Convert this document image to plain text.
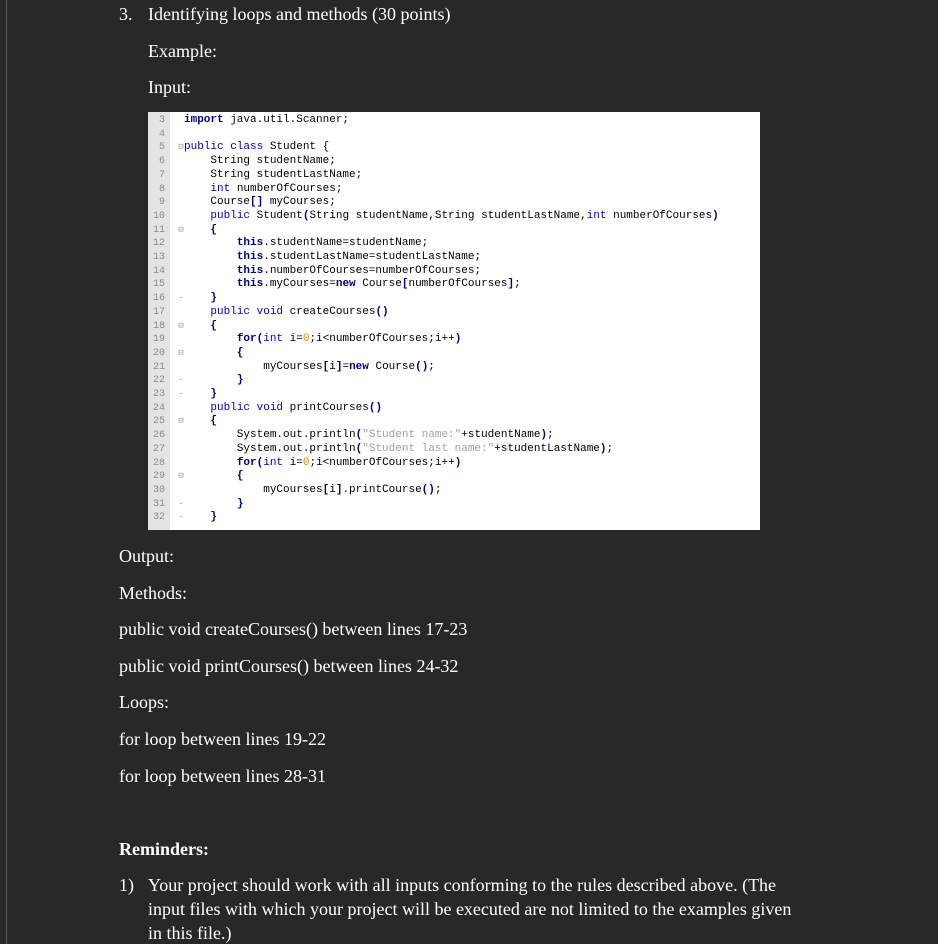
3. Identifying loops and methods (30 points)
Example:
Input:
3 import java.util.Scanner;
4
5 ⊟ public class Student {
6 String studentName;
7 String studentLastName;
8	int numberOfCourses;
9 Course[] myCourses;
10	public Student(String studentName,String studentLastName,int numberOfCourses)
11 ⊟	{
12	this.studentName=studentName;
13	this.studentLastName=studentLastName;
14	this.numberOfCourses=numberOfCourses;
15	this.myCourses=new Course[numberOfCourses];
16 -	}
17	public void createCourses()
18 ⊟	{
19	for(int i=0;i<numberOfCourses;i++)
20 ⊟	{
21 myCourses[i]=new Course();
22 -	}
23 -	}
24	public void printCourses()
25 ⊟	{
26 System.out.println("Student name:"+studentName);
27 System.out.println("Student last name:"+studentLastName);
28	for(int i=0;i<numberOfCourses;i++)
29 ⊟	{
30 myCourses[i].printCourse();
31 -	}
32 -	}
Output:
Methods:
public void createCourses() between lines 17-23
public void printCourses() between lines 24-32
Loops:
for loop between lines 19-22
for loop between lines 28-31
Reminders:
1) Your project should work with all inputs conforming to the rules described above. (The
input files with which your project will be executed are not limited to the examples given
in this file.)
